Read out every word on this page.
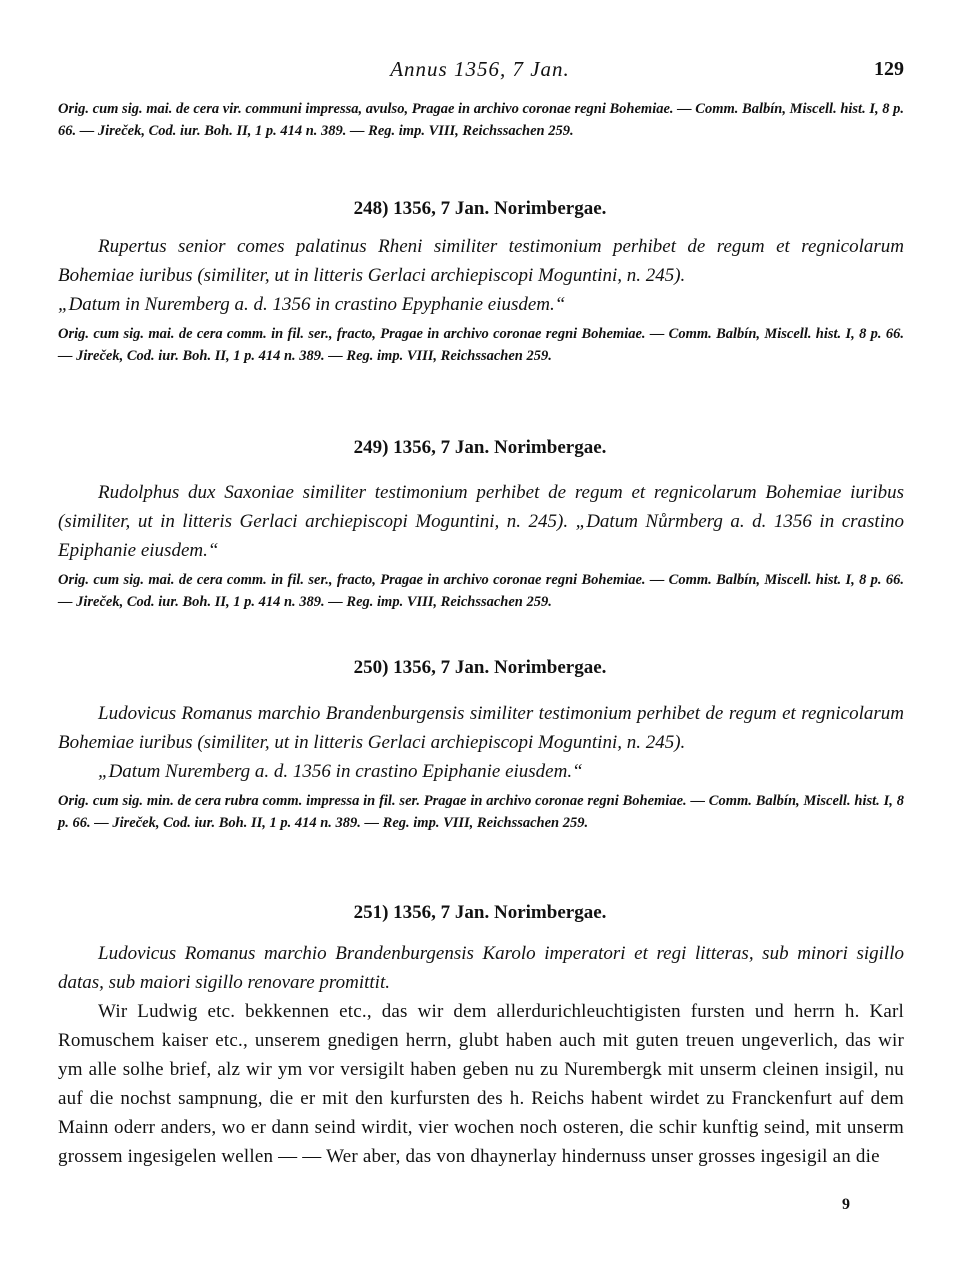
Annus 1356, 7 Jan.	129

Orig. cum sig. mai. de cera vir. communi impressa, avulso, Pragae in archivo coronae regni Bohemiae. — Comm. Balbín, Miscell. hist. I, 8 p. 66. — Jireček, Cod. iur. Boh. II, 1 p. 414 n. 389. — Reg. imp. VIII, Reichssachen 259.

248) 1356, 7 Jan. Norimbergae.

Rupertus senior comes palatinus Rheni similiter testimonium perhibet de regum et regnicolarum Bohemiae iuribus (similiter, ut in litteris Gerlaci archiepiscopi Moguntini, n. 245).

„Datum in Nuremberg a. d. 1356 in crastino Epyphanie eiusdem.“

Orig. cum sig. mai. de cera comm. in fil. ser., fracto, Pragae in archivo coronae regni Bohemiae. — Comm. Balbín, Miscell. hist. I, 8 p. 66. — Jireček, Cod. iur. Boh. II, 1 p. 414 n. 389. — Reg. imp. VIII, Reichssachen 259.

249) 1356, 7 Jan. Norimbergae.

Rudolphus dux Saxoniae similiter testimonium perhibet de regum et regnicolarum Bohemiae iuribus (similiter, ut in litteris Gerlaci archiepiscopi Moguntini, n. 245). „Datum Nůrmberg a. d. 1356 in crastino Epiphanie eiusdem.“

Orig. cum sig. mai. de cera comm. in fil. ser., fracto, Pragae in archivo coronae regni Bohemiae. — Comm. Balbín, Miscell. hist. I, 8 p. 66. — Jireček, Cod. iur. Boh. II, 1 p. 414 n. 389. — Reg. imp. VIII, Reichssachen 259.

250) 1356, 7 Jan. Norimbergae.

Ludovicus Romanus marchio Brandenburgensis similiter testimonium perhibet de regum et regnicolarum Bohemiae iuribus (similiter, ut in litteris Gerlaci archiepiscopi Moguntini, n. 245).

„Datum Nuremberg a. d. 1356 in crastino Epiphanie eiusdem.“

Orig. cum sig. min. de cera rubra comm. impressa in fil. ser. Pragae in archivo coronae regni Bohemiae. — Comm. Balbín, Miscell. hist. I, 8 p. 66. — Jireček, Cod. iur. Boh. II, 1 p. 414 n. 389. — Reg. imp. VIII, Reichssachen 259.

251) 1356, 7 Jan. Norimbergae.

Ludovicus Romanus marchio Brandenburgensis Karolo imperatori et regi litteras, sub minori sigillo datas, sub maiori sigillo renovare promittit.

Wir Ludwig etc. bekkennen etc., das wir dem allerdurichleuchtigisten fursten und herrn h. Karl Romuschem kaiser etc., unserem gnedigen herrn, glubt haben auch mit guten treuen ungeverlich, das wir ym alle solhe brief, alz wir ym vor versigilt haben geben nu zu Nurembergk mit unserm cleinen insigil, nu auf die nochst sampnung, die er mit den kurfursten des h. Reichs habent wirdet zu Franckenfurt auf dem Mainn oderr anders, wo er dann seind wirdit, vier wochen noch osteren, die schir kunftig seind, mit unserm grossem ingesigelen wellen — — Wer aber, das von dhaynerlay hindernuss unser grosses ingesigil an die

9
